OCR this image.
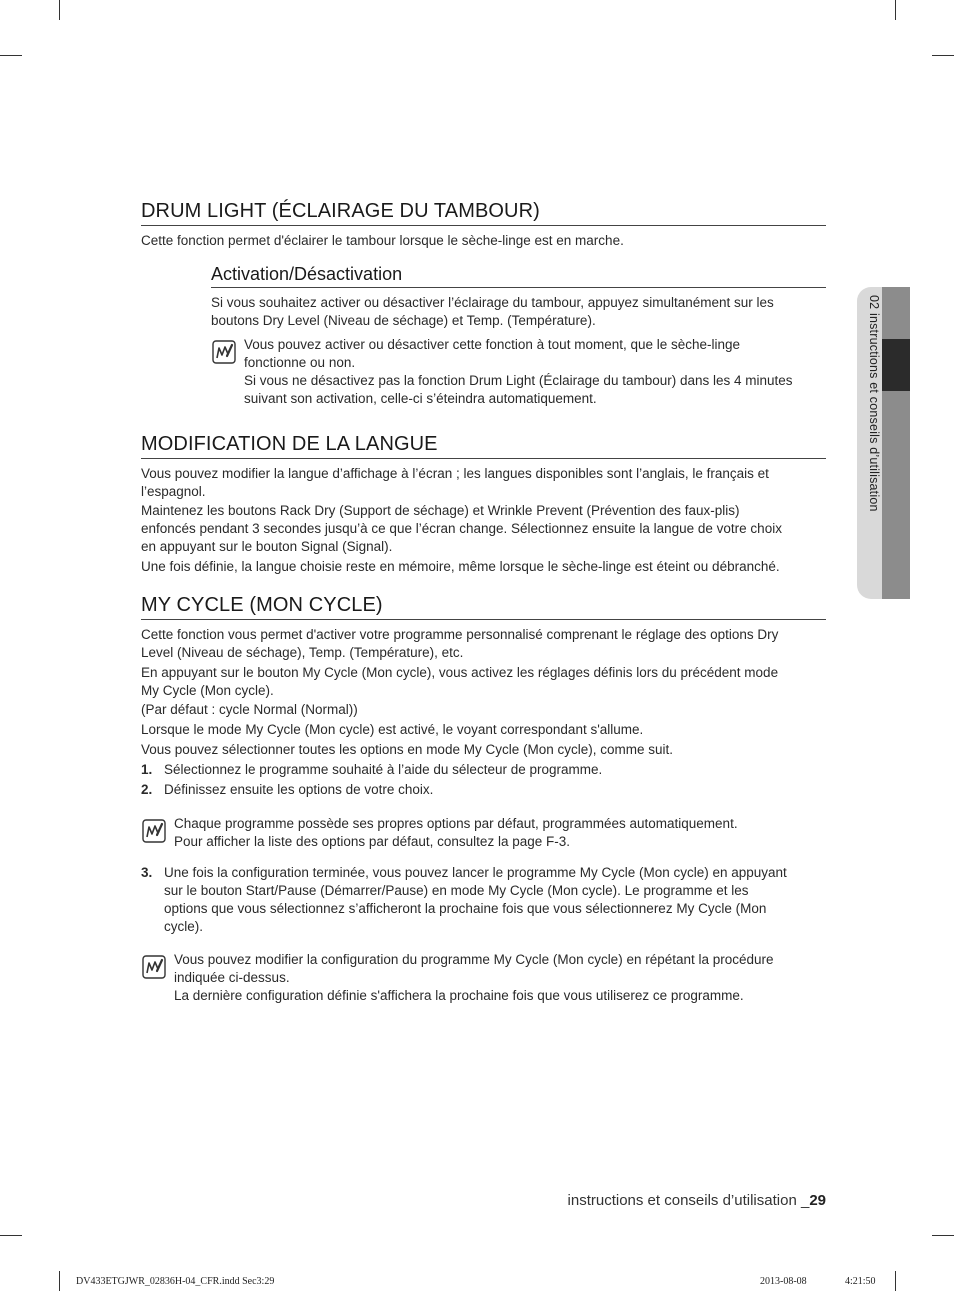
02 instructions et conseils d’utilisation
DRUM LIGHT (ÉCLAIRAGE DU TAMBOUR)

Cette fonction permet d'éclairer le tambour lorsque le sèche-linge est en marche.

Activation/Désactivation
Si vous souhaitez activer ou désactiver l’éclairage du tambour, appuyez simultanément sur les
boutons Dry Level (Niveau de séchage) et Temp. (Température).
Vous pouvez activer ou désactiver cette fonction à tout moment, que le sèche-linge
fonctionne ou non.
Si vous ne désactivez pas la fonction Drum Light (Éclairage du tambour) dans les 4 minutes
suivant son activation, celle-ci s’éteindra automatiquement.
MODIFICATION DE LA LANGUE
Vous pouvez modifier la langue d’affichage à l’écran ; les langues disponibles sont l’anglais, le français et
l’espagnol.
Maintenez les boutons Rack Dry (Support de séchage) et Wrinkle Prevent (Prévention des faux-plis)
enfoncés pendant 3 secondes jusqu’à ce que l’écran change. Sélectionnez ensuite la langue de votre choix
en appuyant sur le bouton Signal (Signal).

Une fois définie, la langue choisie reste en mémoire, même lorsque le sèche-linge est éteint ou débranché.

MY CYCLE (MON CYCLE)
Cette fonction vous permet d'activer votre programme personnalisé comprenant le réglage des options Dry
Level (Niveau de séchage), Temp. (Température), etc.
En appuyant sur le bouton My Cycle (Mon cycle), vous activez les réglages définis lors du précédent mode
My Cycle (Mon cycle).

(Par défaut : cycle Normal (Normal))

Lorsque le mode My Cycle (Mon cycle) est activé, le voyant correspondant s'allume.

Vous pouvez sélectionner toutes les options en mode My Cycle (Mon cycle), comme suit.

1. Sélectionnez le programme souhaité à l’aide du sélecteur de programme.

2. Définissez ensuite les options de votre choix.

Chaque programme possède ses propres options par défaut, programmées automatiquement.
Pour afficher la liste des options par défaut, consultez la page F-3.
3. Une fois la configuration terminée, vous pouvez lancer le programme My Cycle (Mon cycle) en appuyant
sur le bouton Start/Pause (Démarrer/Pause) en mode My Cycle (Mon cycle). Le programme et les
options que vous sélectionnez s’afficheront la prochaine fois que vous sélectionnerez My Cycle (Mon
cycle).
Vous pouvez modifier la configuration du programme My Cycle (Mon cycle) en répétant la procédure
indiquée ci-dessus.
La dernière configuration définie s'affichera la prochaine fois que vous utiliserez ce programme.
instructions et conseils d’utilisation _29
DV433ETGJWR_02836H-04_CFR.indd Sec3:29	2013-08-08	4:21:50
